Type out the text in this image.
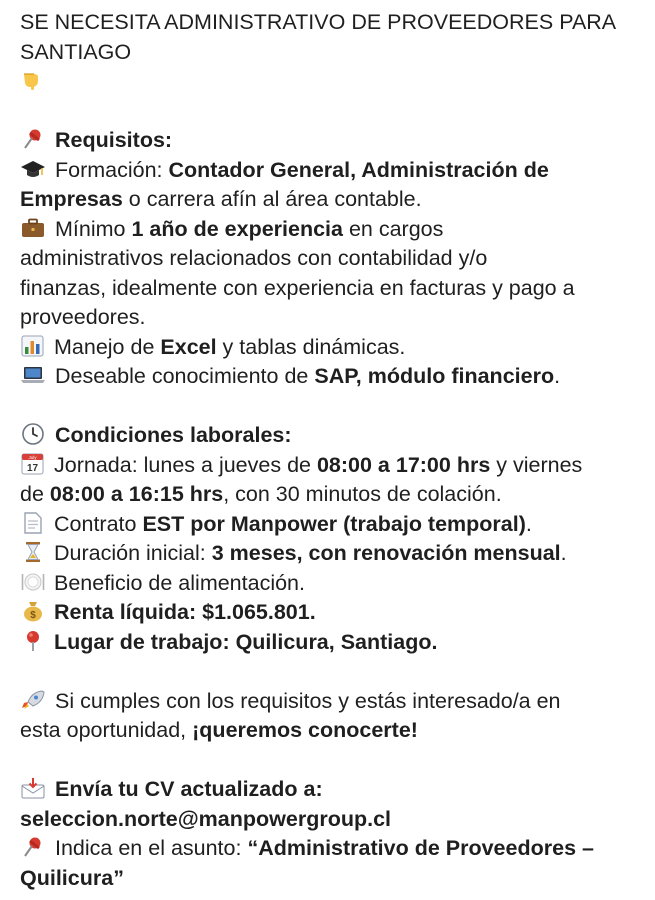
SE NECESITA ADMINISTRATIVO DE PROVEEDORES PARA
SANTIAGO
Requisitos:
Formación: Contador General, Administración de
Empresas o carrera afín al área contable.
Mínimo 1 año de experiencia en cargos
administrativos relacionados con contabilidad y/o
finanzas, idealmente con experiencia en facturas y pago a
proveedores.
Manejo de Excel y tablas dinámicas.
Deseable conocimiento de SAP, módulo financiero.
Condiciones laborales:
July
17 Jornada: lunes a jueves de 08:00 a 17:00 hrs y viernes
de 08:00 a 16:15 hrs, con 30 minutos de colación.
Contrato EST por Manpower (trabajo temporal).
Duración inicial: 3 meses, con renovación mensual.
Beneficio de alimentación.
$ Renta líquida: $1.065.801.
Lugar de trabajo: Quilicura, Santiago.
Si cumples con los requisitos y estás interesado/a en
esta oportunidad, ¡queremos conocerte!
Envía tu CV actualizado a:
seleccion.norte@manpowergroup.cl
Indica en el asunto: “Administrativo de Proveedores –
Quilicura”
